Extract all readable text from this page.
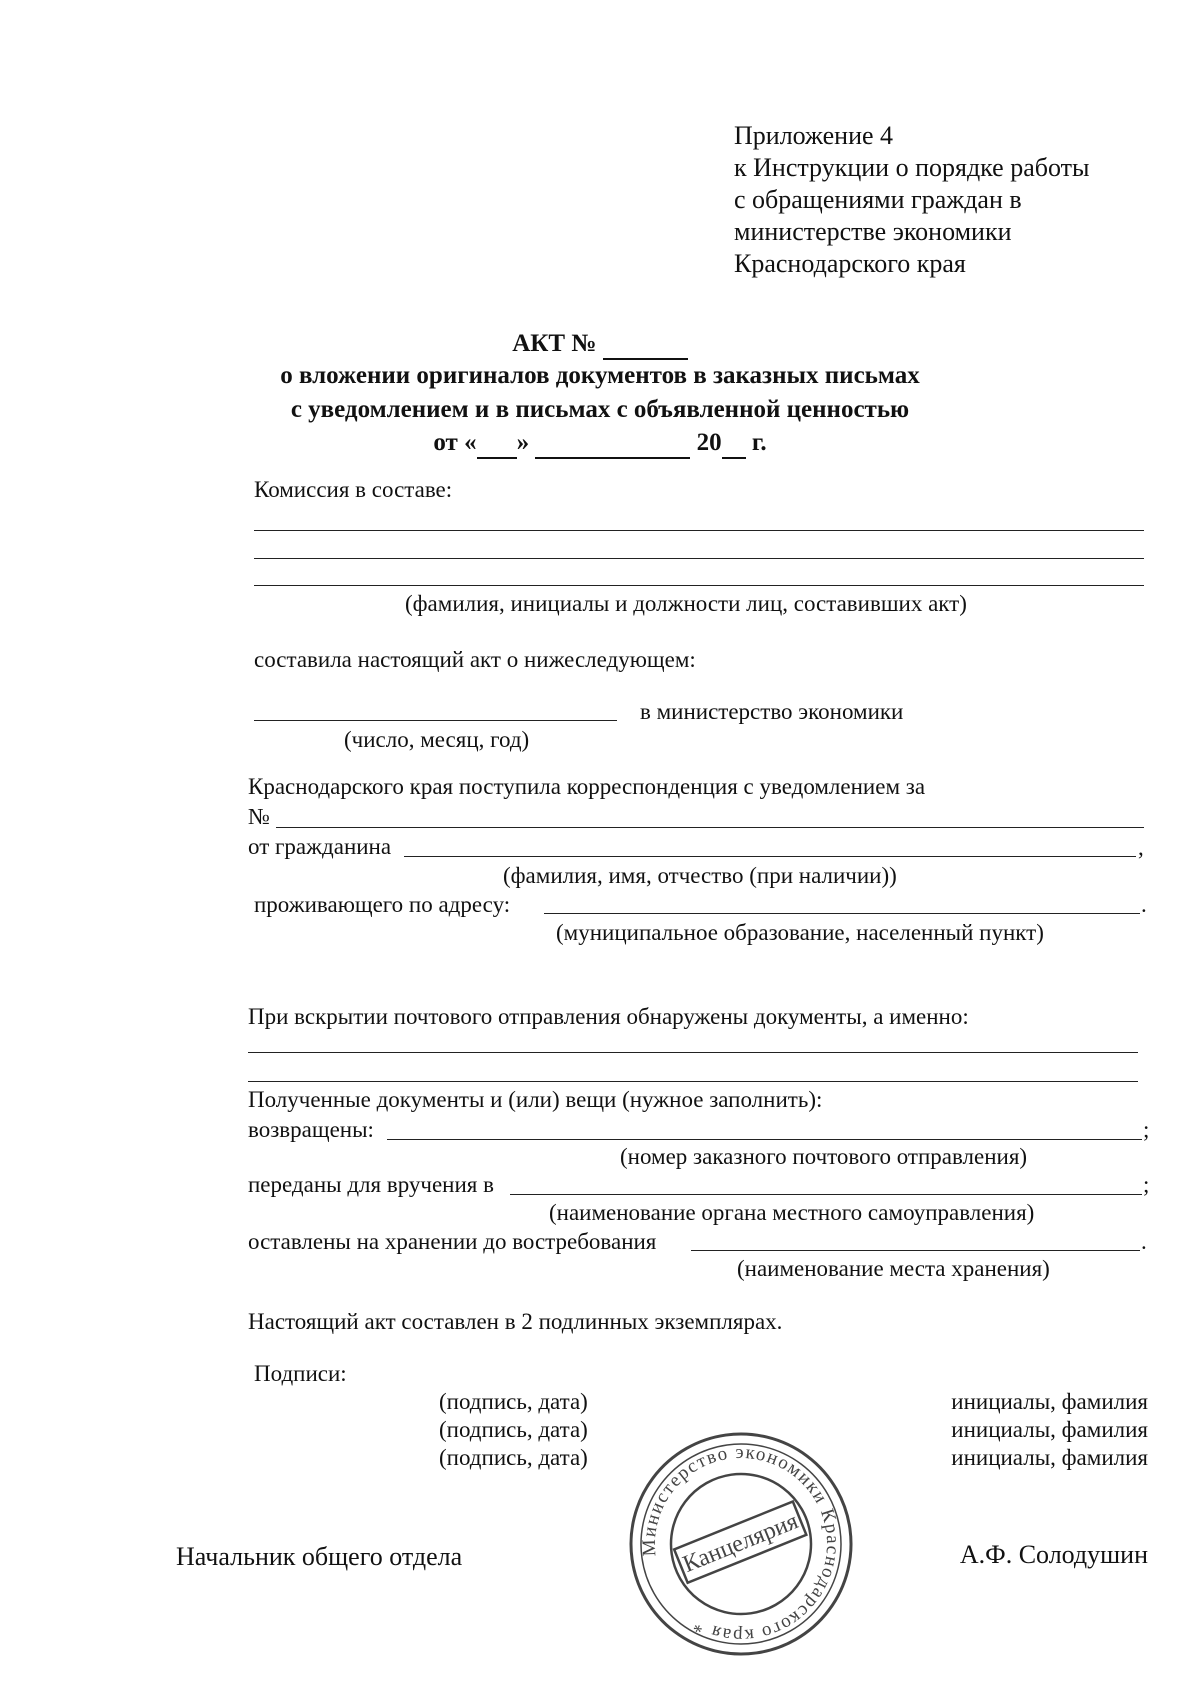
Приложение 4
к Инструкции о порядке работы
с обращениями граждан в
министерстве экономики
Краснодарского края
АКТ №
о вложении оригиналов документов в заказных письмах
с уведомлением и в письмах с объявленной ценностью
от « »	20 г.
Комиссия в составе:
(фамилия, инициалы и должности лиц, составивших акт)
составила настоящий акт о нижеследующем:
в министерство экономики
(число, месяц, год)
Краснодарского края поступила корреспонденция с уведомлением за
№
от гражданина	,
(фамилия, имя, отчество (при наличии))
проживающего по адресу:	.
(муниципальное образование, населенный пункт)
При вскрытии почтового отправления обнаружены документы, а именно:
Полученные документы и (или) вещи (нужное заполнить):
возвращены:	;
(номер заказного почтового отправления)
переданы для вручения в	;
(наименование органа местного самоуправления)
оставлены на хранении до востребования	.
(наименование места хранения)
Настоящий акт составлен в 2 подлинных экземплярах.
Подписи:
(подпись, дата)	инициалы, фамилия
(подпись, дата)	инициалы, фамилия
(подпись, дата)	инициалы, фамилия
Начальник общего отдела	А.Ф. Солодушин
Министерство экономики Краснодарского края *
Канцелярия
